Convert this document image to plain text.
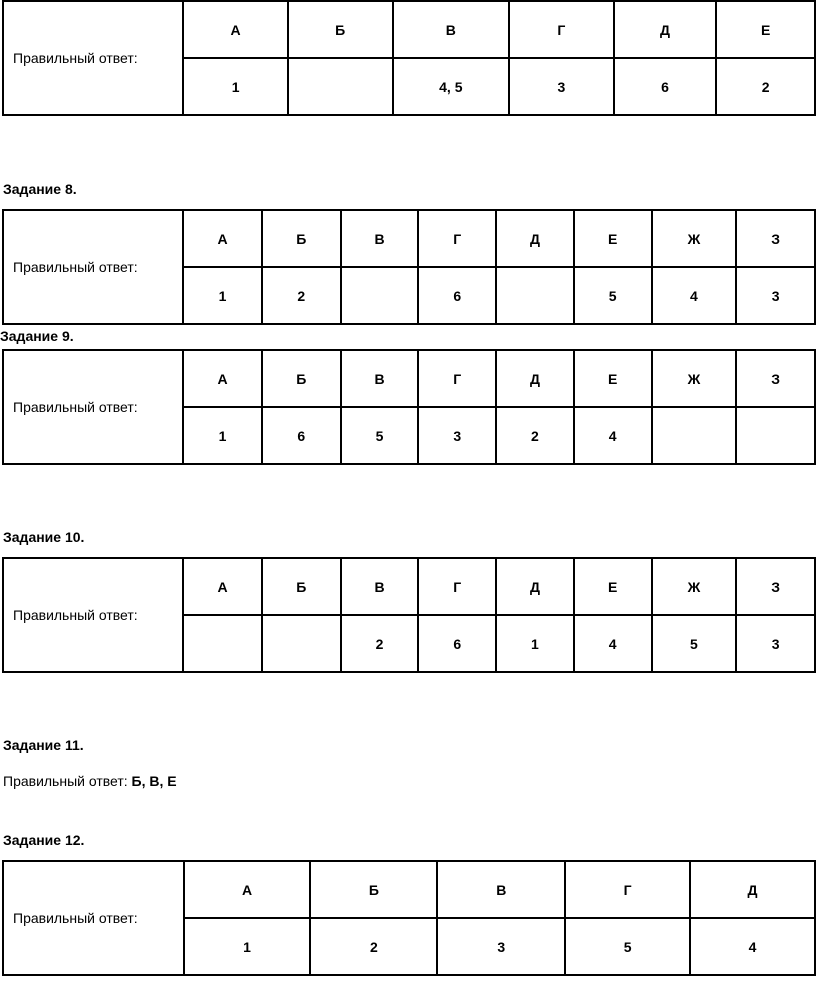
Правильный ответ:	А	Б	В	Г	Д	Е
	1		4, 5	3	6	2
Задание 8.
Правильный ответ:	А	Б	В	Г	Д	Е	Ж	З
	1	2		6		5	4	3
Задание 9.
Правильный ответ:	А	Б	В	Г	Д	Е	Ж	З
	1	6	5	3	2	4		
Задание 10.
Правильный ответ:	А	Б	В	Г	Д	Е	Ж	З
			2	6	1	4	5	3
Задание 11.
Правильный ответ: Б, В, Е
Задание 12.
Правильный ответ:	А	Б	В	Г	Д
	1	2	3	5	4
